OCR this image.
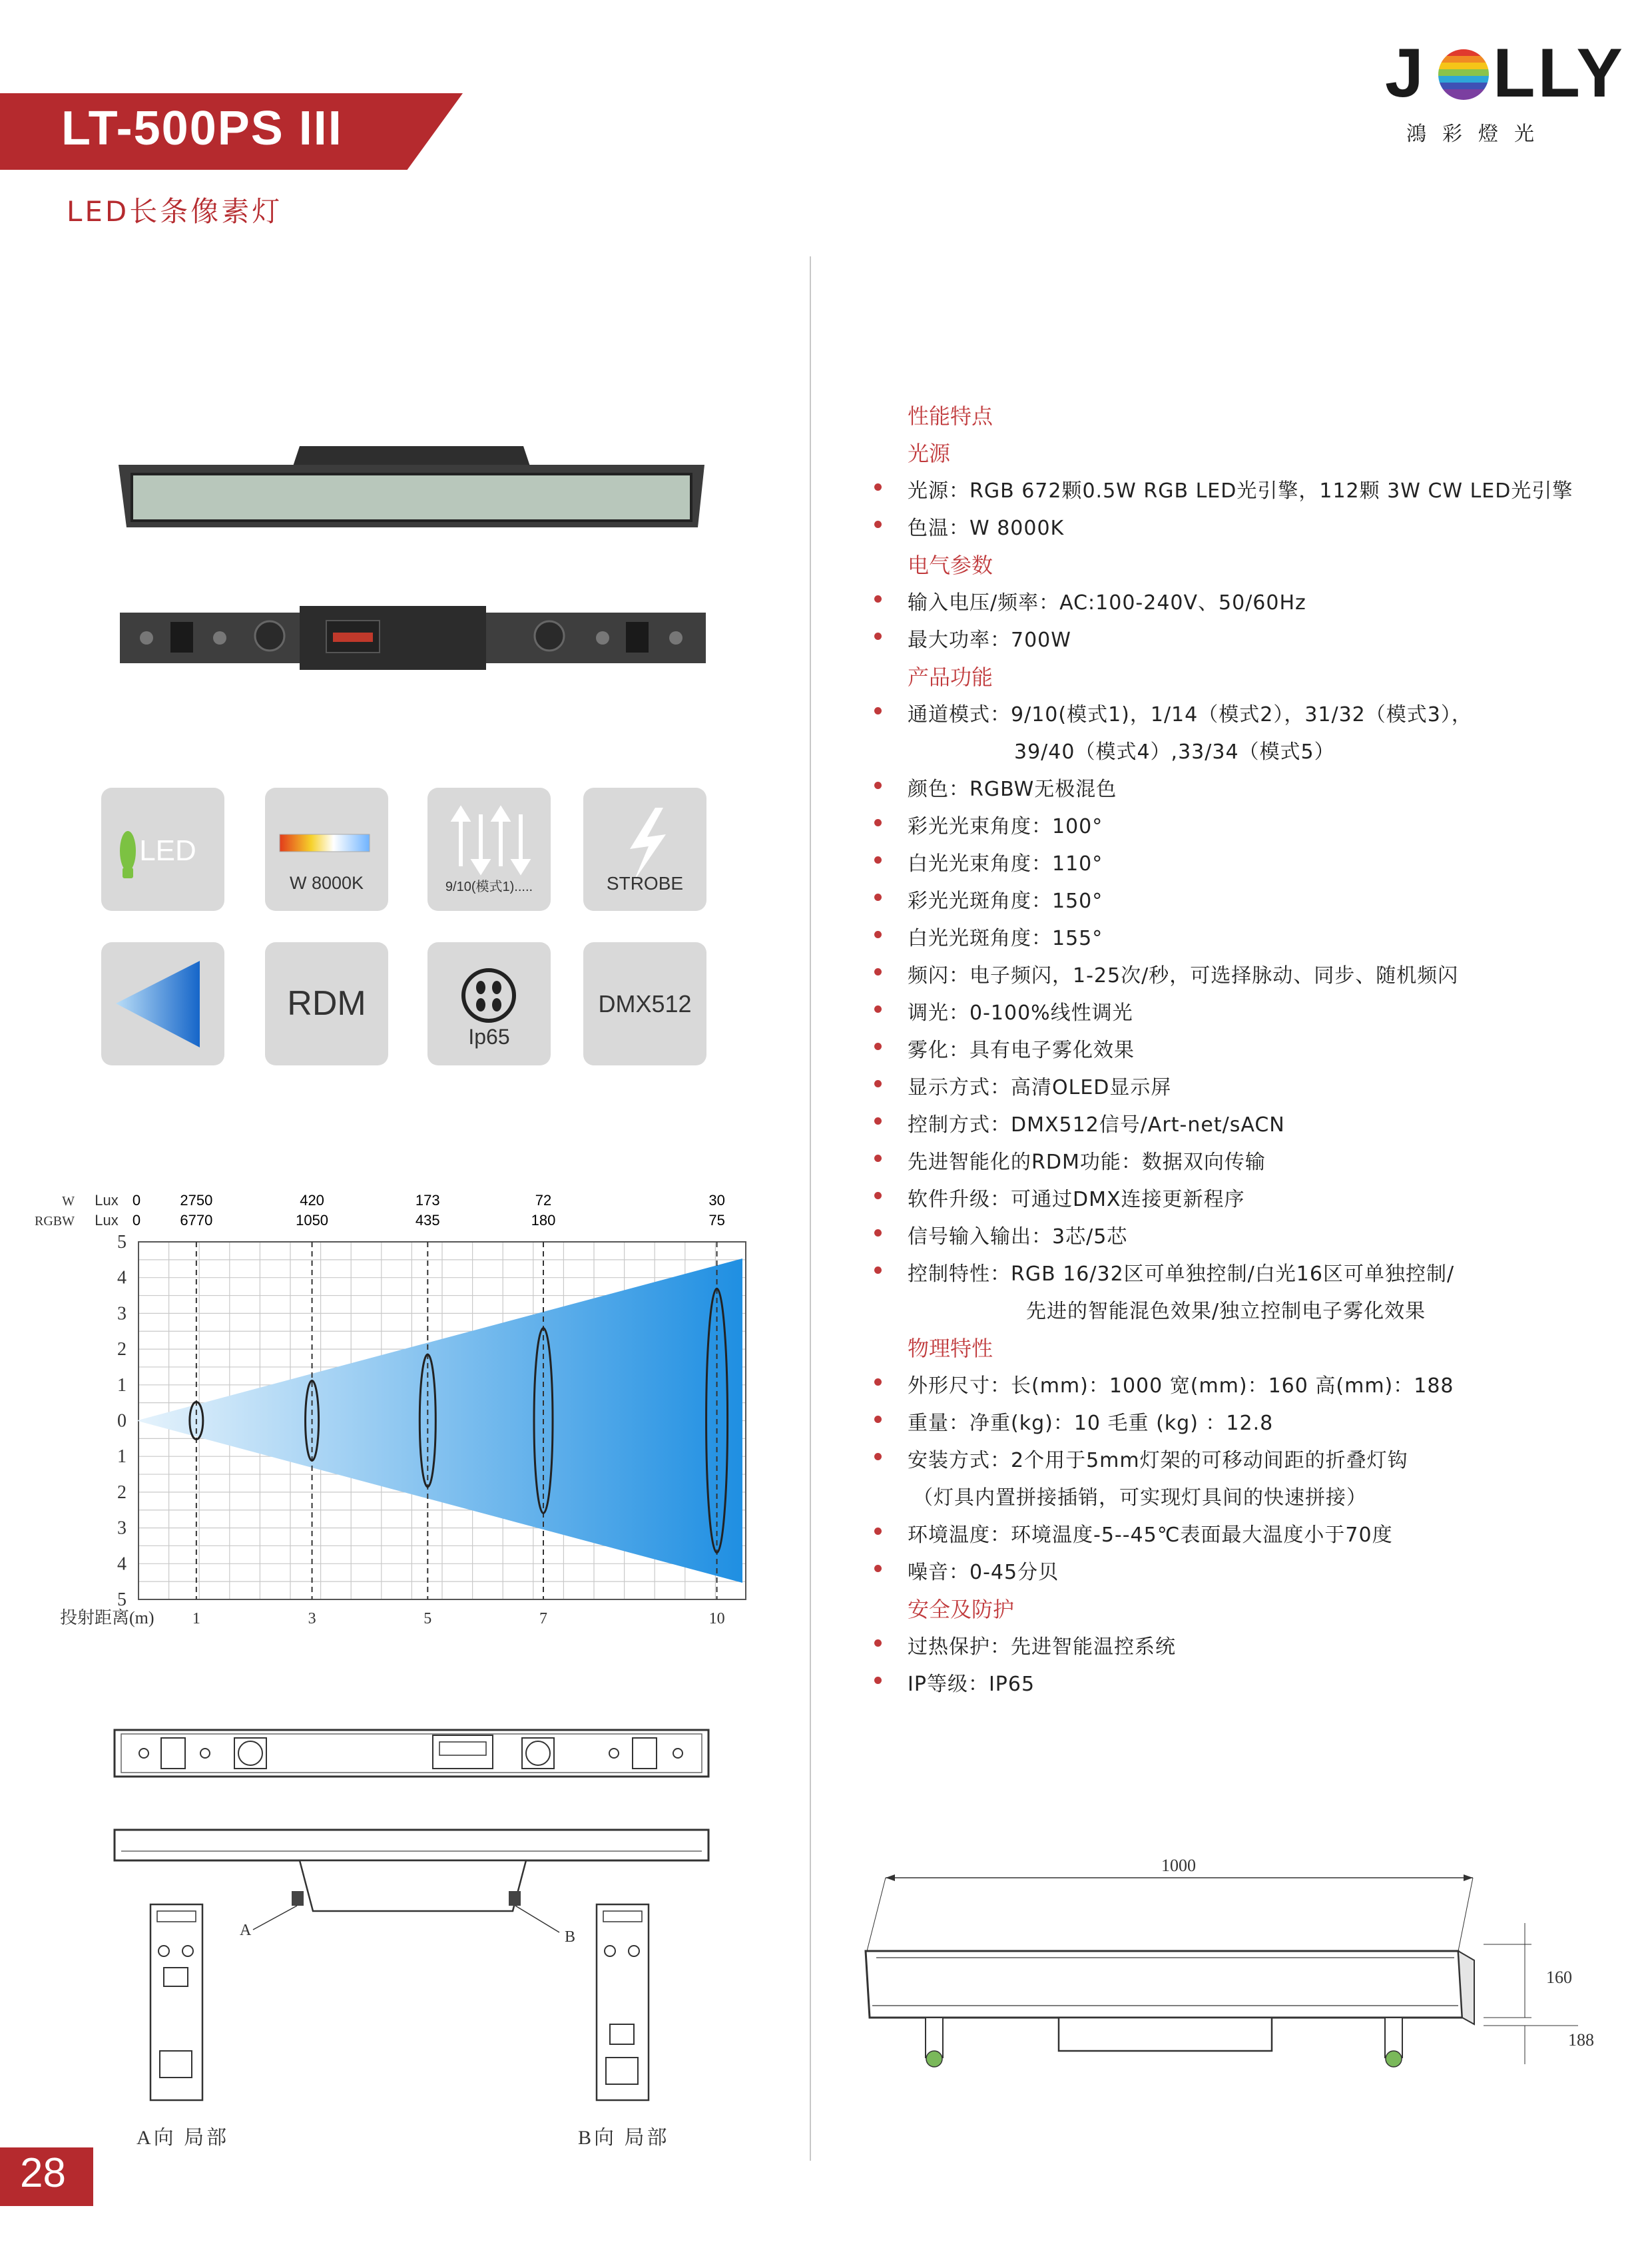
LT-500PS III
LED长条像素灯
J LLY
鴻彩燈光
LED
W 8000K	9/10(模式1).....	STROBE
RDM
Ip65
DMX512
1	3	5	7	10
5
4
3
2
1
0
1
2
3
4
5
投射距离(m)
W Lux 0	2750	420	173	72	30
RGBW Lux 0	6770	1050	435	180	75
性能特点
光源
光源：RGB 672颗0.5W RGB LED光引擎，112颗 3W CW LED光引擎
色温：W 8000K
电气参数
输入电压/频率：AC:100-240V、50/60Hz
最大功率：700W
产品功能
通道模式：9/10(模式1)，1/14（模式2），31/32（模式3），
39/40（模式4）,33/34（模式5）
颜色：RGBW无极混色
彩光光束角度：100°
白光光束角度：110°
彩光光斑角度：150°
白光光斑角度：155°
频闪：电子频闪，1-25次/秒，可选择脉动、同步、随机频闪
调光：0-100%线性调光
雾化：具有电子雾化效果
显示方式：高清OLED显示屏
控制方式：DMX512信号/Art-net/sACN
先进智能化的RDM功能：数据双向传输
软件升级：可通过DMX连接更新程序
信号输入输出：3芯/5芯
控制特性：RGB 16/32区可单独控制/白光16区可单独控制/
先进的智能混色效果/独立控制电子雾化效果
物理特性
外形尺寸：长(mm)：1000 宽(mm)：160 高(mm)：188
重量：净重(kg)：10 毛重 (kg) ：12.8
安装方式：2个用于5mm灯架的可移动间距的折叠灯钩
（灯具内置拼接插销，可实现灯具间的快速拼接）
环境温度：环境温度-5--45℃表面最大温度小于70度
噪音：0-45分贝
安全及防护
过热保护：先进智能温控系统
IP等级：IP65
A	B
A向 局部	B向 局部
1000
160
188
28
